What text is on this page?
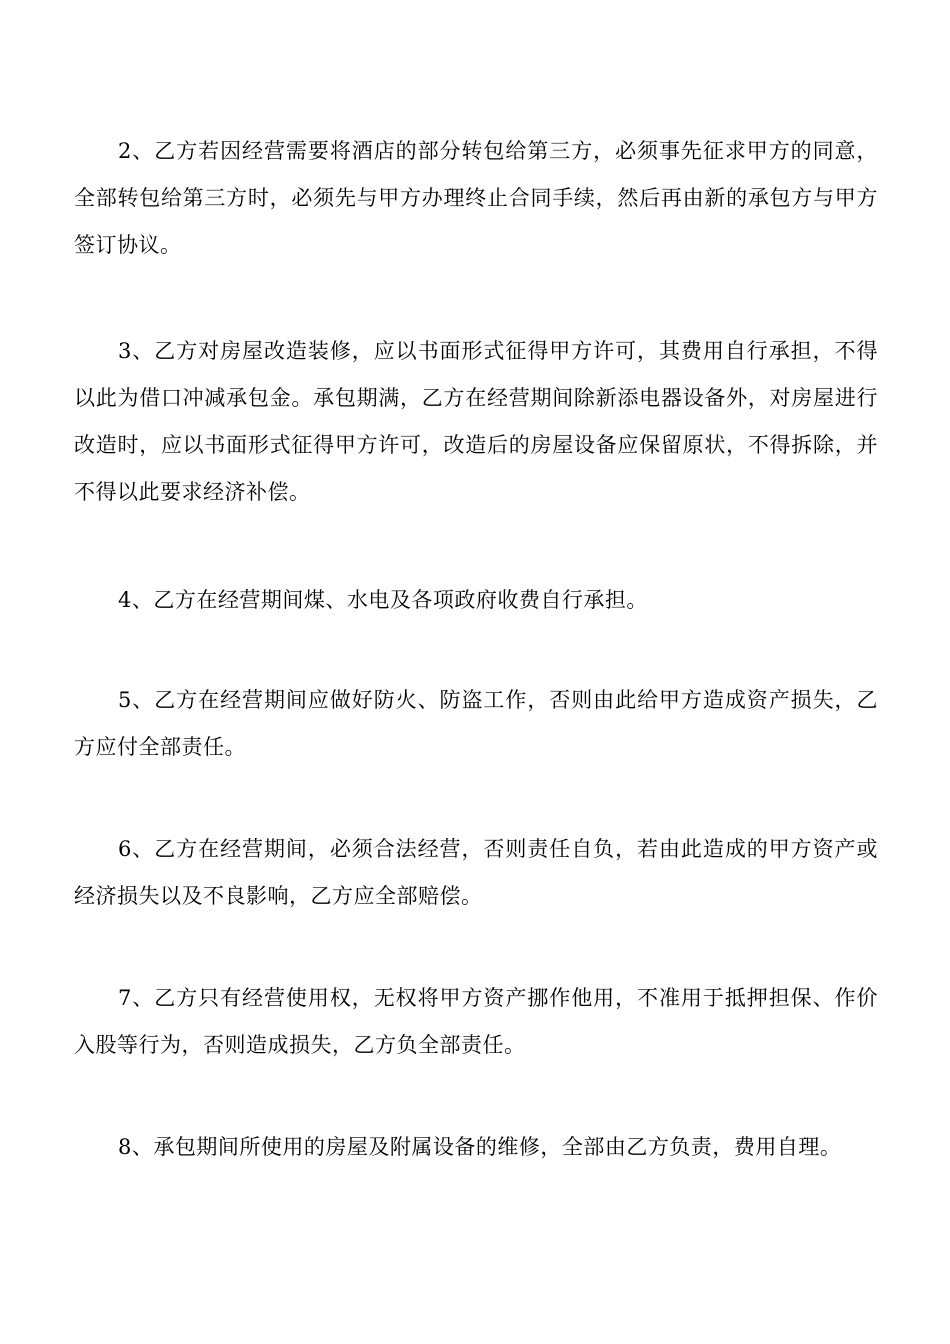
2、乙方若因经营需要将酒店的部分转包给第三方，必须事先征求甲方的同意，全部转包给第三方时，必须先与甲方办理终止合同手续，然后再由新的承包方与甲方签订协议。

3、乙方对房屋改造装修，应以书面形式征得甲方许可，其费用自行承担，不得以此为借口冲减承包金。承包期满，乙方在经营期间除新添电器设备外，对房屋进行改造时，应以书面形式征得甲方许可，改造后的房屋设备应保留原状，不得拆除，并不得以此要求经济补偿。

4、乙方在经营期间煤、水电及各项政府收费自行承担。

5、乙方在经营期间应做好防火、防盗工作，否则由此给甲方造成资产损失，乙方应付全部责任。

6、乙方在经营期间，必须合法经营，否则责任自负，若由此造成的甲方资产或经济损失以及不良影响，乙方应全部赔偿。

7、乙方只有经营使用权，无权将甲方资产挪作他用，不准用于抵押担保、作价入股等行为，否则造成损失，乙方负全部责任。

8、承包期间所使用的房屋及附属设备的维修，全部由乙方负责，费用自理。
